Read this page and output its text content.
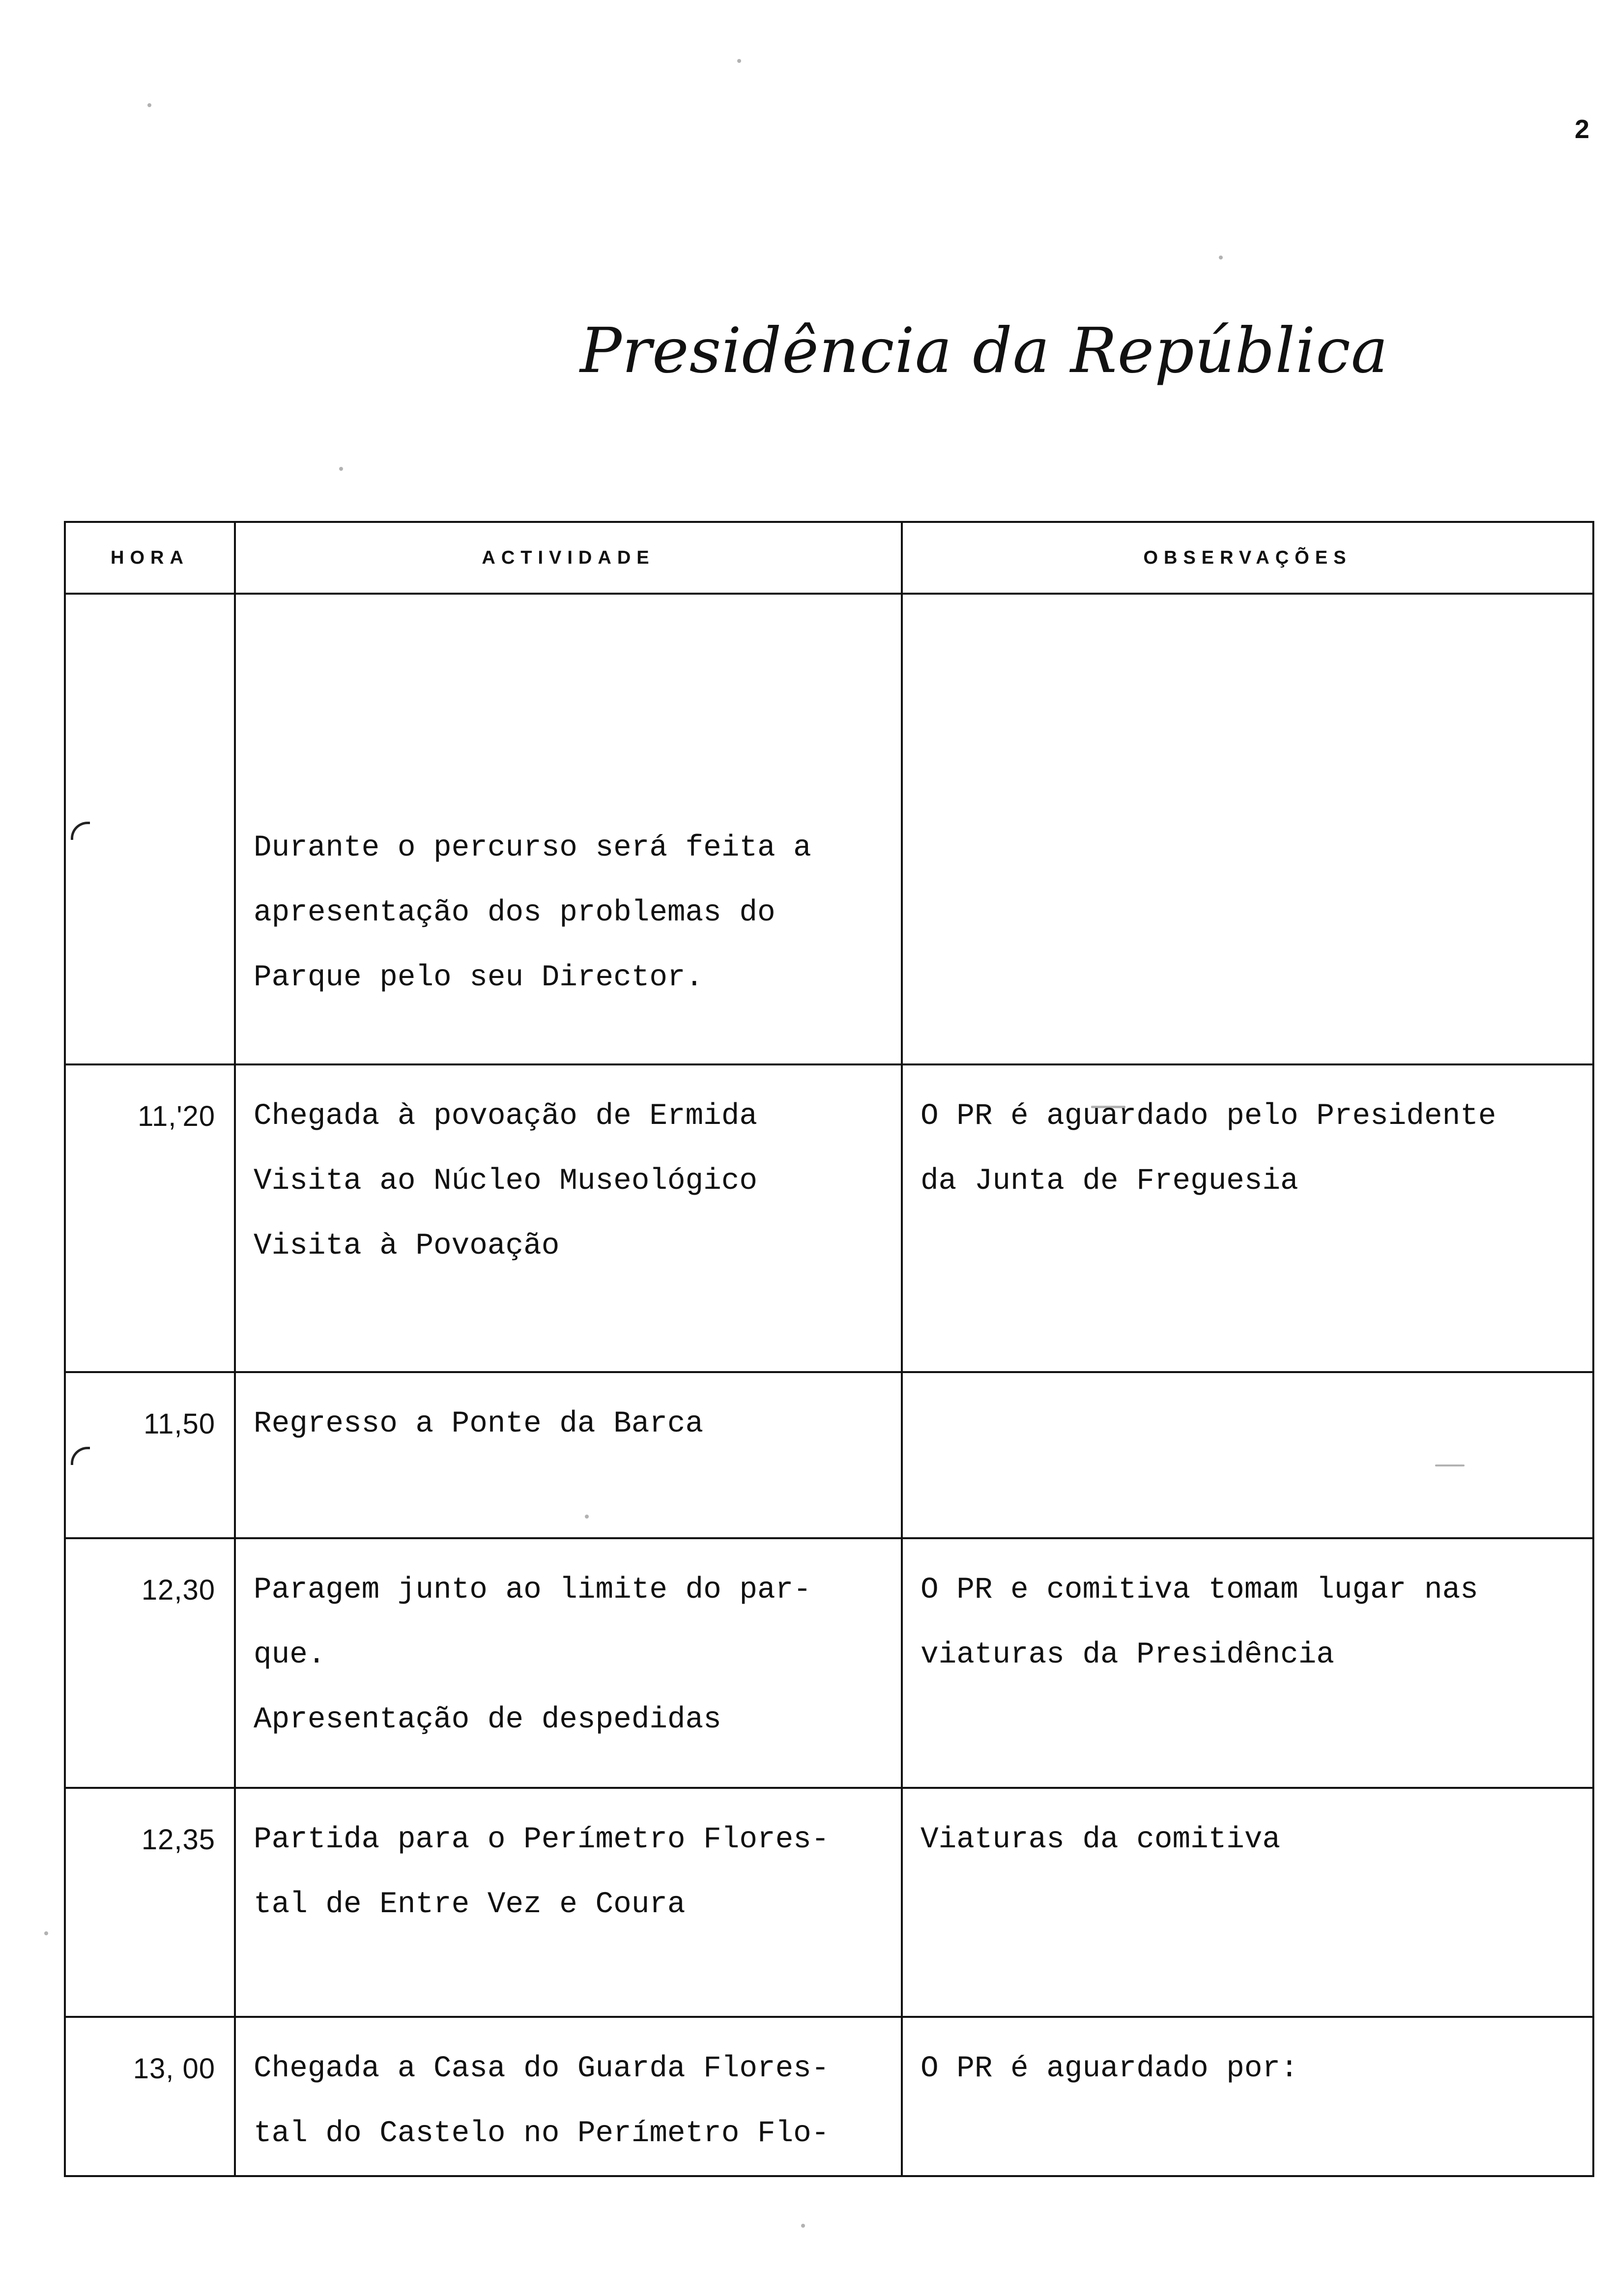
2
Presidência da República
HORA	ACTIVIDADE	OBSERVAÇÕES

	Durante o percurso será feita a
apresentação dos problemas do
Parque pelo seu Director.	

11,'20	Chegada à povoação de Ermida
Visita ao Núcleo Museológico
Visita à Povoação	O PR é aguardado pelo Presidente
da Junta de Freguesia

11,50	Regresso a Ponte da Barca	

12,30	Paragem junto ao limite do par-
que.
Apresentação de despedidas	O PR e comitiva tomam lugar nas
viaturas da Presidência

12,35	Partida para o Perímetro Flores-
tal de Entre Vez e Coura	Viaturas da comitiva

13, 00	Chegada a Casa do Guarda Flores-
tal do Castelo no Perímetro Flo-	O PR é aguardado por:
